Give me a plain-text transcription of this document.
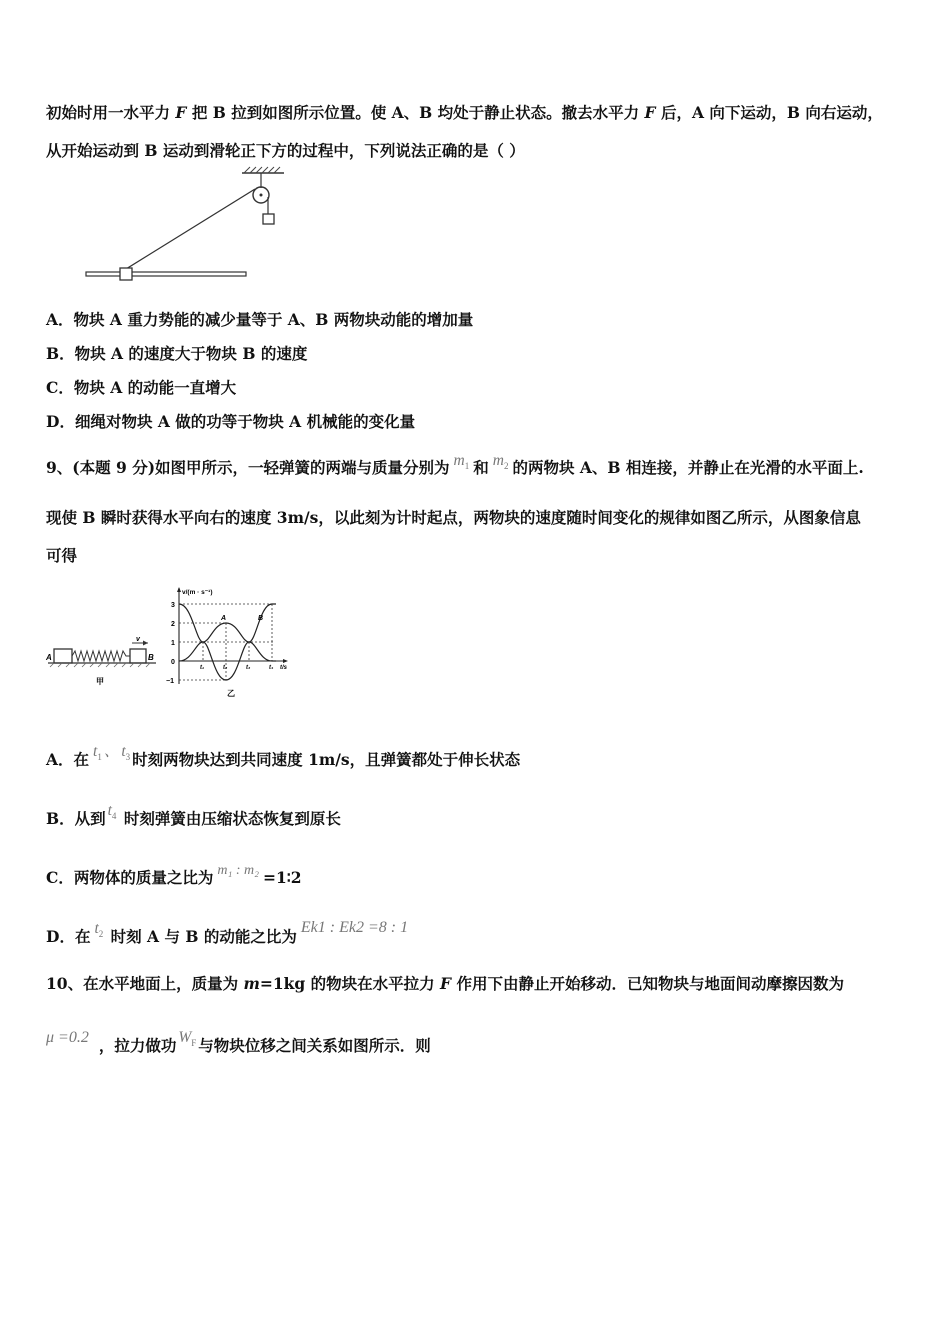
初始时用一水平力 F 把 B 拉到如图所示位置。使 A、B 均处于静止状态。撤去水平力 F 后，A 向下运动，B 向右运动，
从开始运动到 B 运动到滑轮正下方的过程中，下列说法正确的是（ ）
A．物块 A 重力势能的减少量等于 A、B 两物块动能的增加量
B．物块 A 的速度大于物块 B 的速度
C．物块 A 的动能一直增大
D．细绳对物块 A 做的功等于物块 A 机械能的变化量
9、(本题 9 分)如图甲所示，一轻弹簧的两端与质量分别为 $m_1$ 和 $m_2$ 的两物块 A、B 相连接，并静止在光滑的水平面上.
现使 B 瞬时获得水平向右的速度 3m/s，以此刻为计时起点，两物块的速度随时间变化的规律如图乙所示，从图象信息
可得
A	B
v
甲
v/(m · s⁻¹)
A	B
3
2
1
0
−1
t₁	t₂	t₃	t₄ t/s
乙
A．在 $t_1$ 、 $t_3$ 时刻两物块达到共同速度 1m/s，且弹簧都处于伸长状态
B．从到 $t_4$ 时刻弹簧由压缩状态恢复到原长
C．两物体的质量之比为 m₁ : m₂ =1∶2
D．在 $t_2$ 时刻 A 与 B 的动能之比为 Ek1 : Ek2 =8 : 1
10、在水平地面上，质量为 m=1kg 的物块在水平拉力 F 作用下由静止开始移动．已知物块与地面间动摩擦因数为
μ =0.2 ，拉力做功 $W_F$ 与物块位移之间关系如图所示．则
